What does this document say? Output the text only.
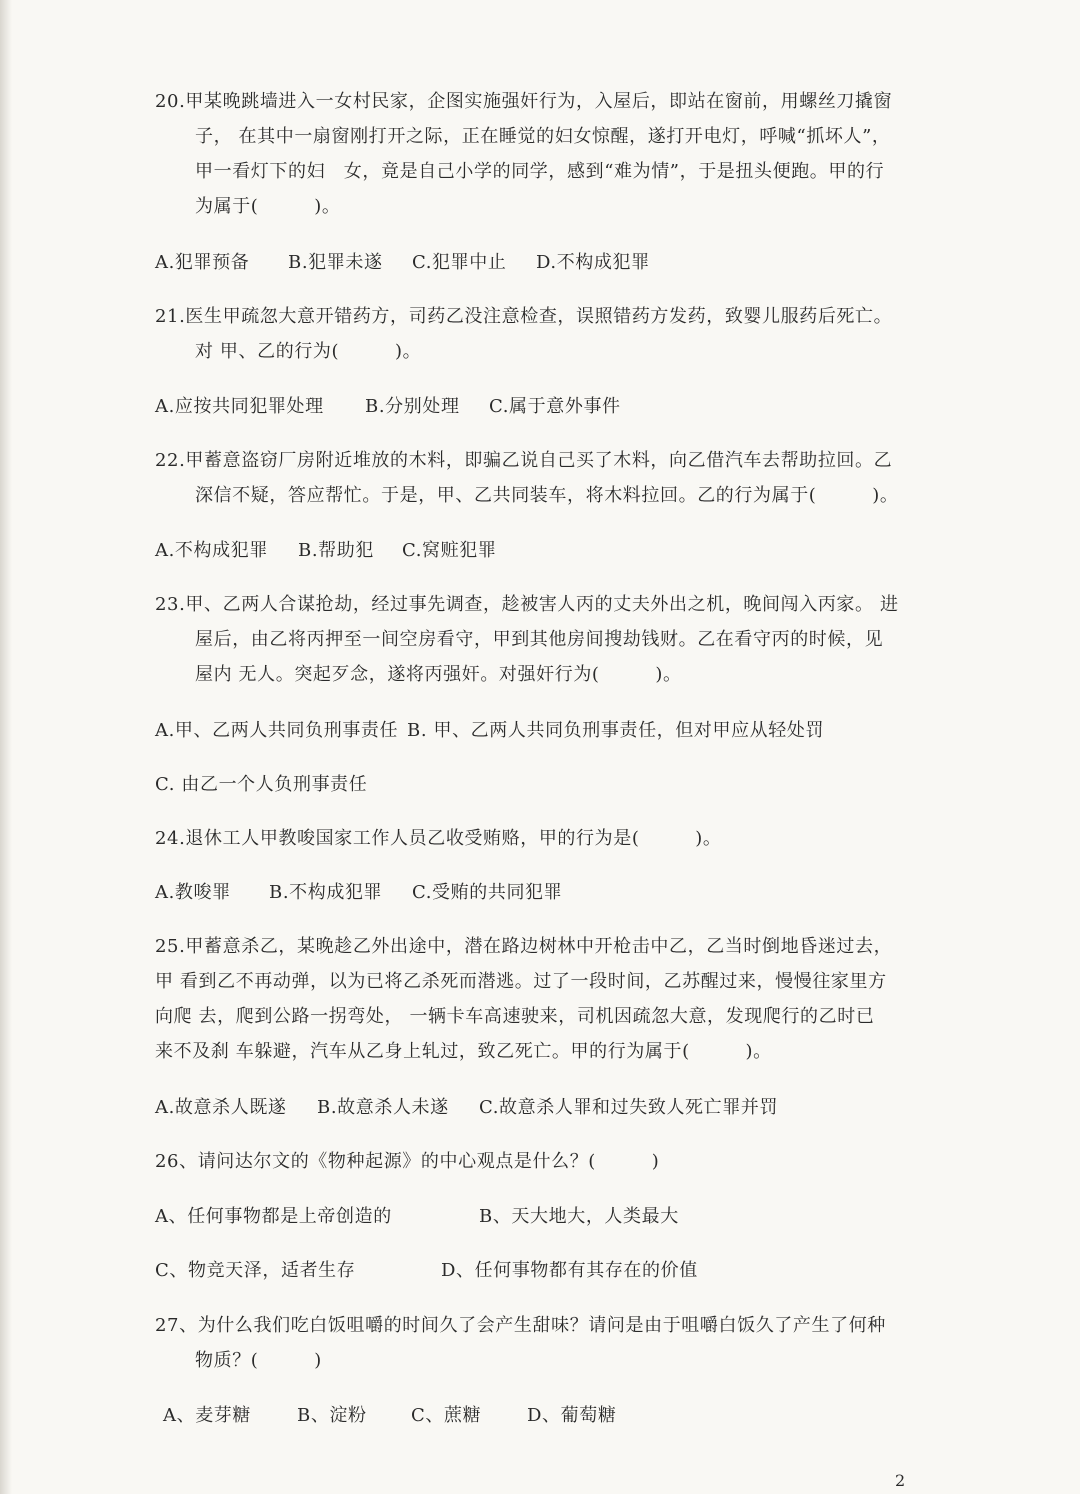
20.甲某晚跳墙进入一女村民家，企图实施强奸行为，入屋后，即站在窗前，用螺丝刀撬窗
子， 在其中一扇窗刚打开之际，正在睡觉的妇女惊醒，遂打开电灯，呼喊“抓坏人”，
甲一看灯下的妇　女，竟是自己小学的同学，感到“难为情”，于是扭头便跑。甲的行
为属于(　　　)。
A.犯罪预备 B.犯罪未遂 C.犯罪中止 D.不构成犯罪
21.医生甲疏忽大意开错药方，司药乙没注意检查，误照错药方发药，致婴儿服药后死亡。
对 甲、乙的行为(　　　)。
A.应按共同犯罪处理 B.分别处理 C.属于意外事件
22.甲蓄意盗窃厂房附近堆放的木料，即骗乙说自己买了木料，向乙借汽车去帮助拉回。乙
深信不疑，答应帮忙。于是，甲、乙共同装车，将木料拉回。乙的行为属于(　　　)。
A.不构成犯罪 B.帮助犯 C.窝赃犯罪
23.甲、乙两人合谋抢劫，经过事先调查，趁被害人丙的丈夫外出之机，晚间闯入丙家。 进
屋后，由乙将丙押至一间空房看守，甲到其他房间搜劫钱财。乙在看守丙的时候，见
屋内 无人。突起歹念，遂将丙强奸。对强奸行为(　　　)。
A.甲、乙两人共同负刑事责任 B. 甲、乙两人共同负刑事责任，但对甲应从轻处罚
C. 由乙一个人负刑事责任
24.退休工人甲教唆国家工作人员乙收受贿赂，甲的行为是(　　　)。
A.教唆罪 B.不构成犯罪 C.受贿的共同犯罪
25.甲蓄意杀乙，某晚趁乙外出途中，潜在路边树林中开枪击中乙，乙当时倒地昏迷过去，
甲 看到乙不再动弹，以为已将乙杀死而潜逃。过了一段时间，乙苏醒过来，慢慢往家里方
向爬 去，爬到公路一拐弯处， 一辆卡车高速驶来，司机因疏忽大意，发现爬行的乙时已
来不及刹 车躲避，汽车从乙身上轧过，致乙死亡。甲的行为属于(　　　)。
A.故意杀人既遂 B.故意杀人未遂 C.故意杀人罪和过失致人死亡罪并罚
26、请问达尔文的《物种起源》的中心观点是什么？(　　　)
A、任何事物都是上帝创造的	B、天大地大，人类最大
C、物竞天泽，适者生存	D、任何事物都有其存在的价值
27、为什么我们吃白饭咀嚼的时间久了会产生甜味？请问是由于咀嚼白饭久了产生了何种
物质？(　　　)
A、麦芽糖	B、淀粉 C、蔗糖	D、葡萄糖
2
